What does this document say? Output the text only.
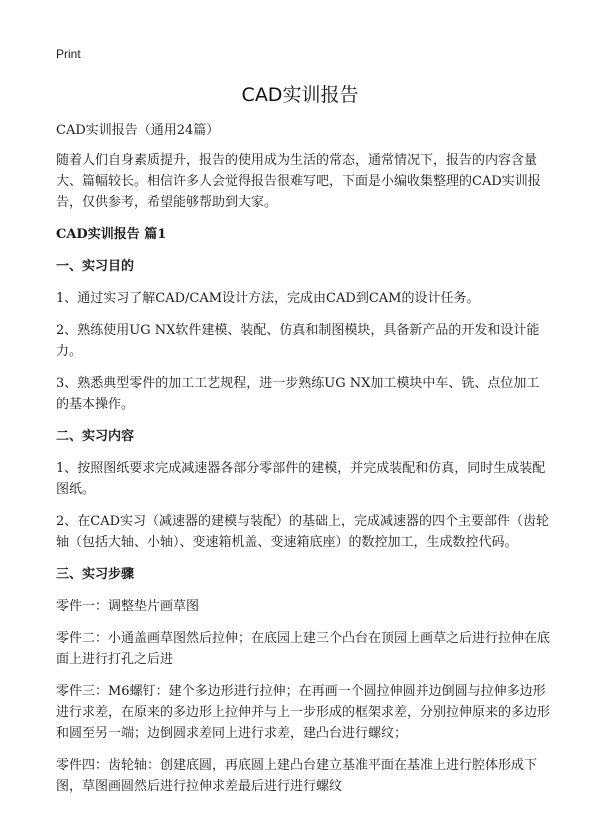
Print
CAD实训报告

CAD实训报告（通用24篇）

随着人们自身素质提升，报告的使用成为生活的常态，通常情况下，报告的内容含量大、篇幅较长。相信许多人会觉得报告很难写吧，下面是小编收集整理的CAD实训报告，仅供参考，希望能够帮助到大家。

CAD实训报告 篇1

一、实习目的

1、通过实习了解CAD/CAM设计方法，完成由CAD到CAM的设计任务。

2、熟练使用UG NX软件建模、装配、仿真和制图模块，具备新产品的开发和设计能力。

3、熟悉典型零件的加工工艺规程，进一步熟练UG NX加工模块中车、铣、点位加工的基本操作。

二、实习内容

1、按照图纸要求完成减速器各部分零部件的建模，并完成装配和仿真，同时生成装配图纸。

2、在CAD实习（减速器的建模与装配）的基础上，完成减速器的四个主要部件（齿轮轴（包括大轴、小轴）、变速箱机盖、变速箱底座）的数控加工，生成数控代码。

三、实习步骤

零件一：调整垫片画草图

零件二：小通盖画草图然后拉伸；在底园上建三个凸台在顶园上画草之后进行拉伸在底面上进行打孔之后进

零件三：M6螺钉：建个多边形进行拉伸；在再画一个圆拉伸圆并边倒圆与拉伸多边形进行求差，在原来的多边形上拉伸并与上一步形成的框架求差，分别拉伸原来的多边形和圆至另一端；边倒圆求差同上进行求差，建凸台进行螺纹；

零件四：齿轮轴：创建底圆，再底圆上建凸台建立基准平面在基准上进行腔体形成下图，草图画圆然后进行拉伸求差最后进行进行螺纹
